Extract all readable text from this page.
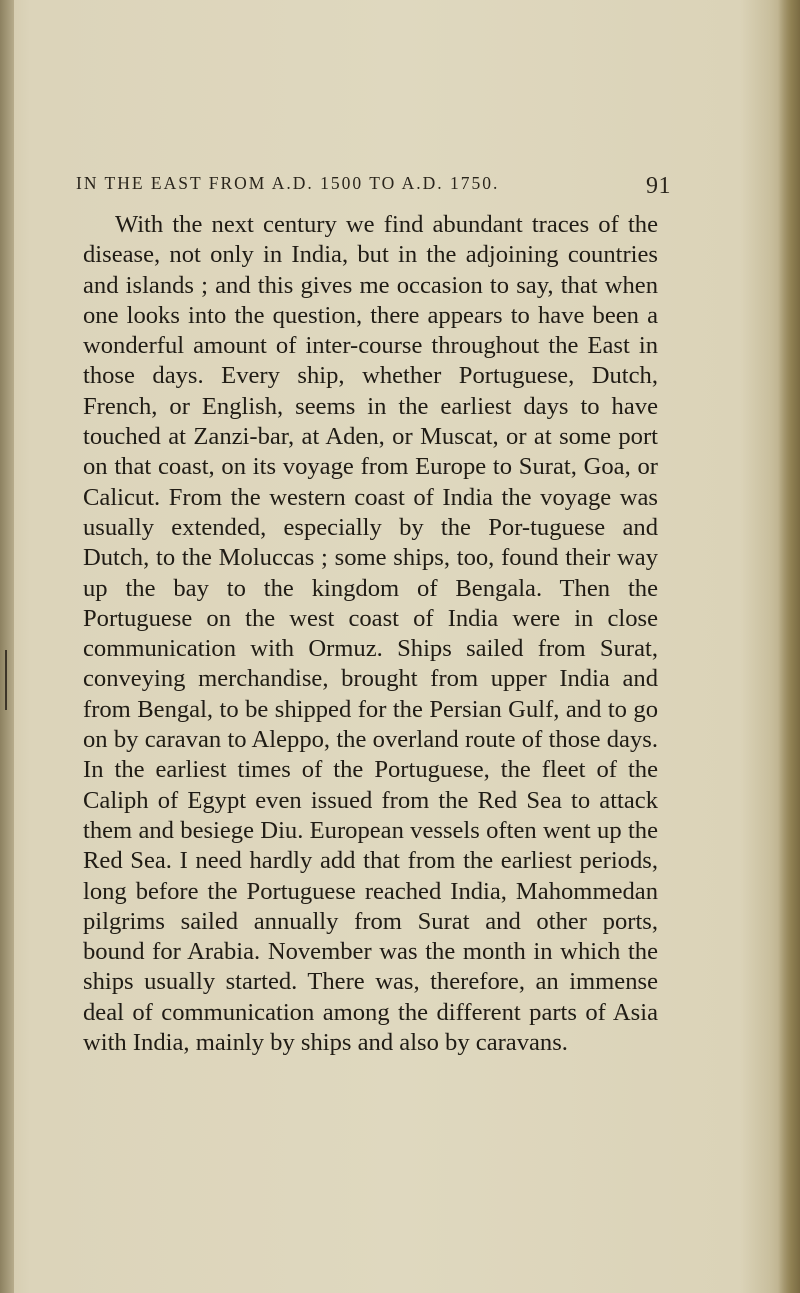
IN THE EAST FROM A.D. 1500 TO A.D. 1750.	91

With the next century we find abundant traces of the disease, not only in India, but in the adjoining countries and islands ; and this gives me occasion to say, that when one looks into the question, there appears to have been a wonderful amount of inter-course throughout the East in those days. Every ship, whether Portuguese, Dutch, French, or English, seems in the earliest days to have touched at Zanzi-bar, at Aden, or Muscat, or at some port on that coast, on its voyage from Europe to Surat, Goa, or Calicut. From the western coast of India the voyage was usually extended, especially by the Por-tuguese and Dutch, to the Moluccas ; some ships, too, found their way up the bay to the kingdom of Bengala. Then the Portuguese on the west coast of India were in close communication with Ormuz. Ships sailed from Surat, conveying merchandise, brought from upper India and from Bengal, to be shipped for the Persian Gulf, and to go on by caravan to Aleppo, the overland route of those days. In the earliest times of the Portuguese, the fleet of the Caliph of Egypt even issued from the Red Sea to attack them and besiege Diu. European vessels often went up the Red Sea. I need hardly add that from the earliest periods, long before the Portuguese reached India, Mahommedan pilgrims sailed annually from Surat and other ports, bound for Arabia. November was the month in which the ships usually started. There was, therefore, an immense deal of communication among the different parts of Asia with India, mainly by ships and also by caravans.
